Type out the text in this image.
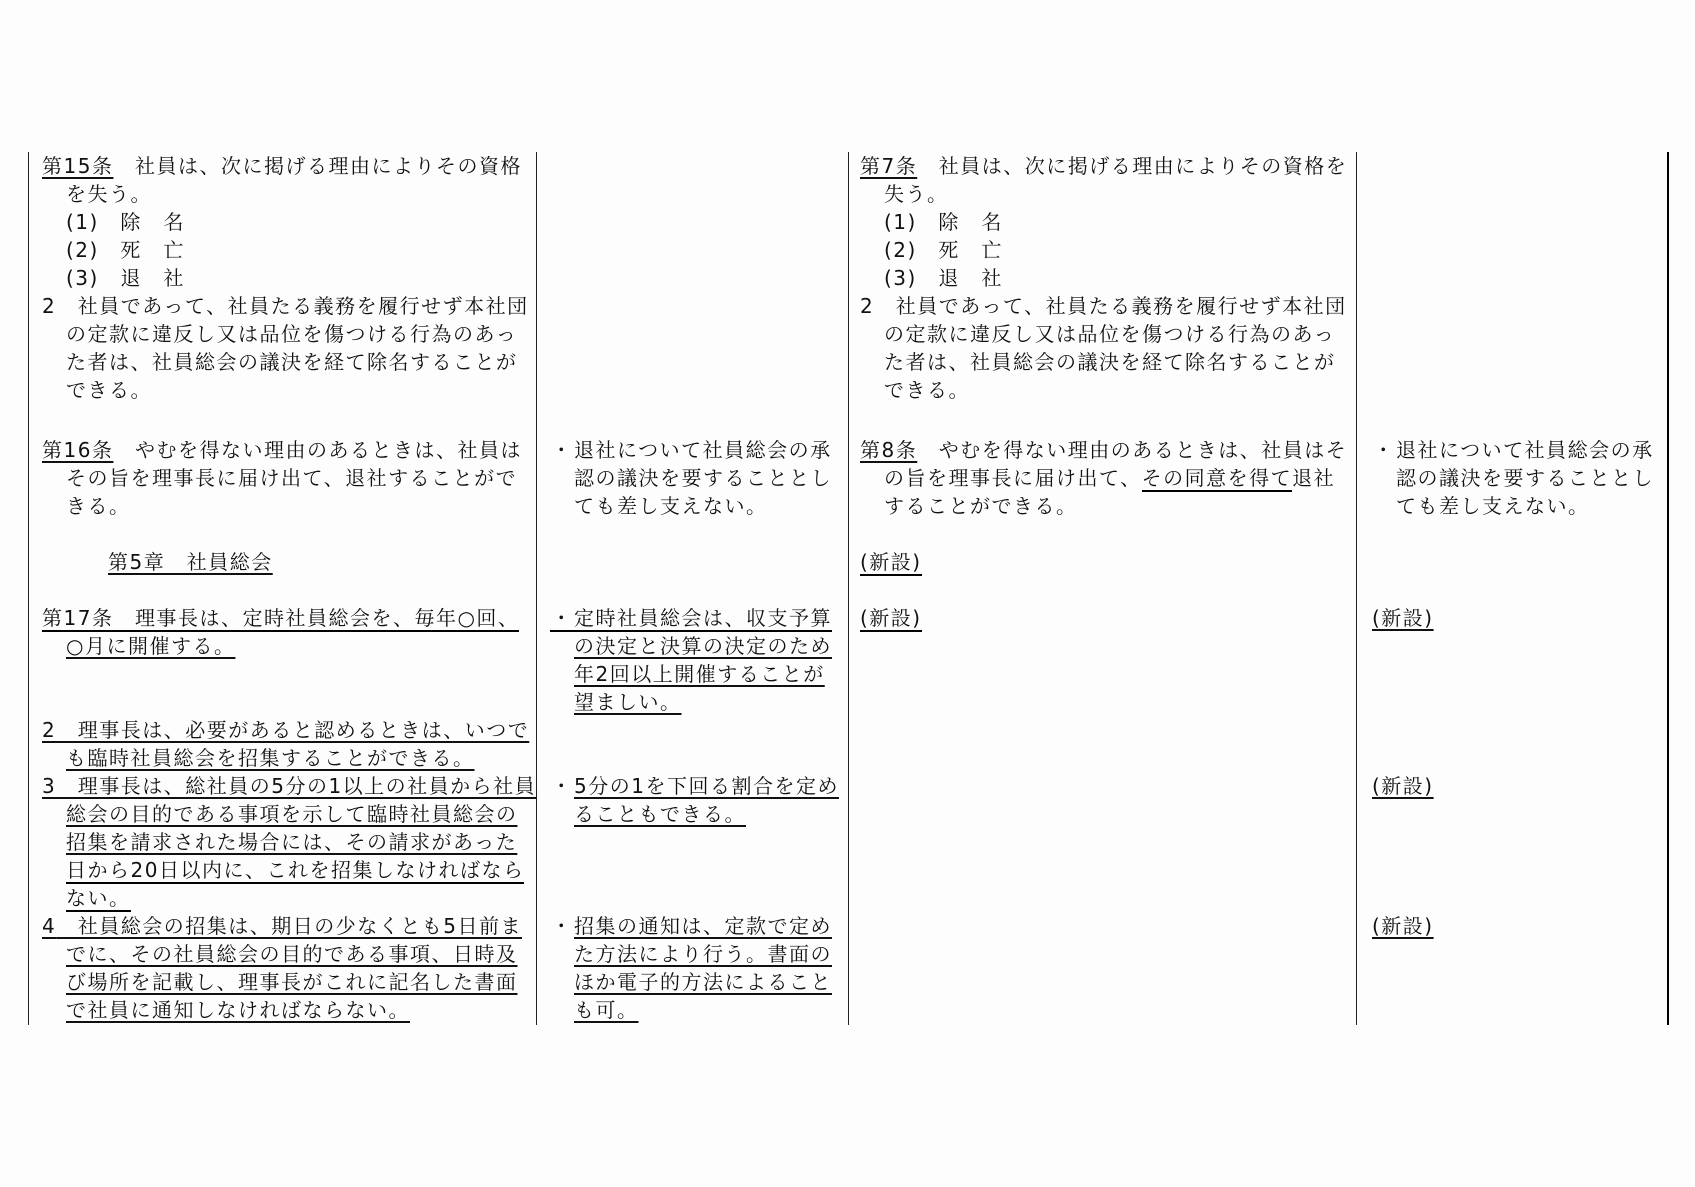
第15条　社員は、次に掲げる理由によりその資格
を失う。
(1)　除　名
(2)　死　亡
(3)　退　社
2　社員であって、社員たる義務を履行せず本社団
の定款に違反し又は品位を傷つける行為のあっ
た者は、社員総会の議決を経て除名することが
できる。
第16条　やむを得ない理由のあるときは、社員は
その旨を理事長に届け出て、退社することがで
きる。
第5章　社員総会
第17条　理事長は、定時社員総会を、毎年○回、
○月に開催する。
2　理事長は、必要があると認めるときは、いつで
も臨時社員総会を招集することができる。
3　理事長は、総社員の5分の1以上の社員から社員
総会の目的である事項を示して臨時社員総会の
招集を請求された場合には、その請求があった
日から20日以内に、これを招集しなければなら
ない。
4　社員総会の招集は、期日の少なくとも5日前ま
でに、その社員総会の目的である事項、日時及
び場所を記載し、理事長がこれに記名した書面
で社員に通知しなければならない。
・退社について社員総会の承
認の議決を要することとし
ても差し支えない。
・定時社員総会は、収支予算
の決定と決算の決定のため
年2回以上開催することが
望ましい。
・5分の1を下回る割合を定め
ることもできる。
・招集の通知は、定款で定め
た方法により行う。書面の
ほか電子的方法によること
も可。
第7条　社員は、次に掲げる理由によりその資格を
失う。
(1)　除　名
(2)　死　亡
(3)　退　社
2　社員であって、社員たる義務を履行せず本社団
の定款に違反し又は品位を傷つける行為のあっ
た者は、社員総会の議決を経て除名することが
できる。
第8条　やむを得ない理由のあるときは、社員はそ
の旨を理事長に届け出て、その同意を得て退社
することができる。
(新設)
(新設)
・退社について社員総会の承
認の議決を要することとし
ても差し支えない。
(新設)
(新設)
(新設)
